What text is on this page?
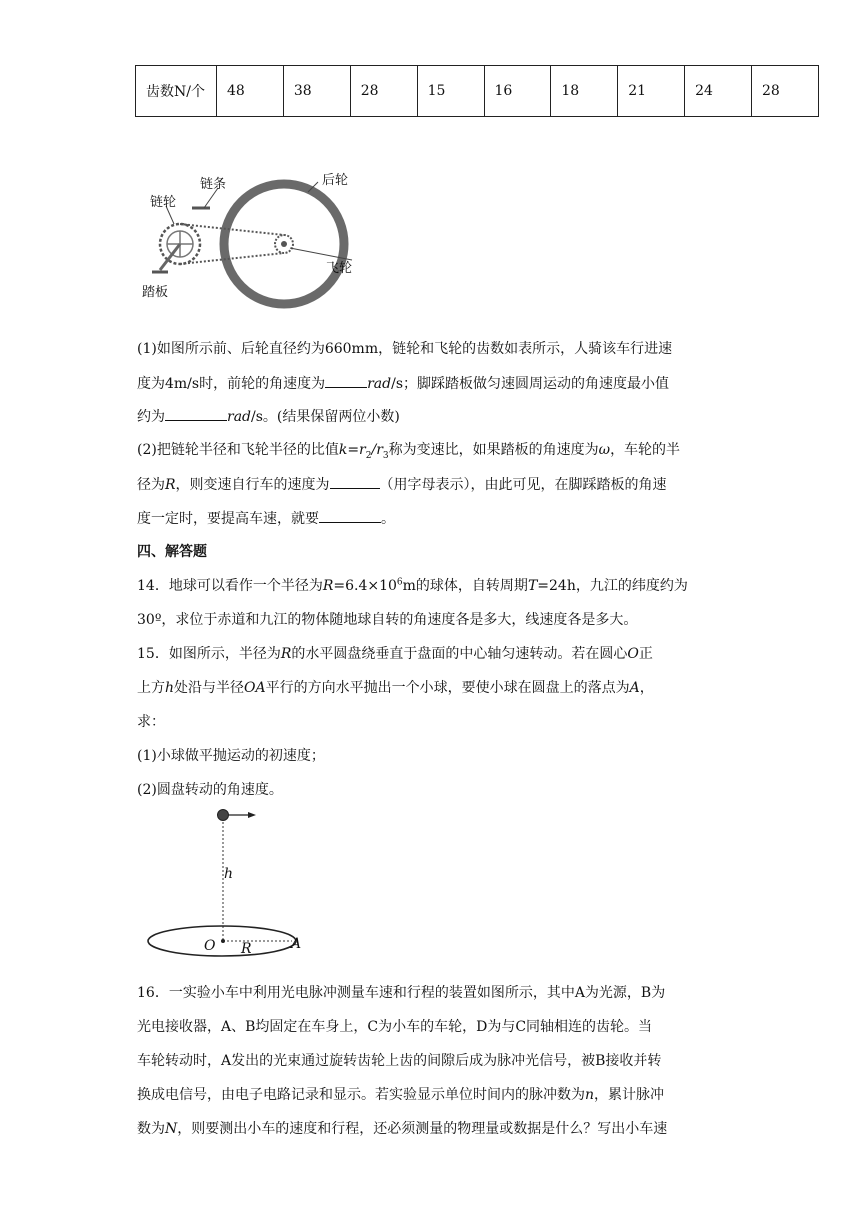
齿数N/个	48	38	28	15	16	18	21	24	28
后轮
链条
链轮
飞轮
踏板
(1)如图所示前、后轮直径约为660mm，链轮和飞轮的齿数如表所示，人骑该车行进速
度为4m/s时，前轮的角速度为	rad/s；脚踩踏板做匀速圆周运动的角速度最小值
约为	rad/s。(结果保留两位小数)
(2)把链轮半径和飞轮半径的比值$k=r_2/r_3$称为变速比，如果踏板的角速度为ω，车轮的半
径为R，则变速自行车的速度为	（用字母表示），由此可见，在脚踩踏板的角速
度一定时，要提高车速，就要	。
四、解答题
14．地球可以看作一个半径为$R=6.4\times 10^6m$的球体，自转周期T=24h，九江的纬度约为
30º，求位于赤道和九江的物体随地球自转的角速度各是多大，线速度各是多大。
15．如图所示，半径为R的水平圆盘绕垂直于盘面的中心轴匀速转动。若在圆心O正
上方h处沿与半径OA平行的方向水平抛出一个小球，要使小球在圆盘上的落点为A，
求：
(1)小球做平抛运动的初速度；
(2)圆盘转动的角速度。
h
O R	A
16．一实验小车中利用光电脉冲测量车速和行程的装置如图所示，其中A为光源，B为
光电接收器，A、B均固定在车身上，C为小车的车轮，D为与C同轴相连的齿轮。当
车轮转动时，A发出的光束通过旋转齿轮上齿的间隙后成为脉冲光信号，被B接收并转
换成电信号，由电子电路记录和显示。若实验显示单位时间内的脉冲数为n，累计脉冲
数为N，则要测出小车的速度和行程，还必须测量的物理量或数据是什么？写出小车速
